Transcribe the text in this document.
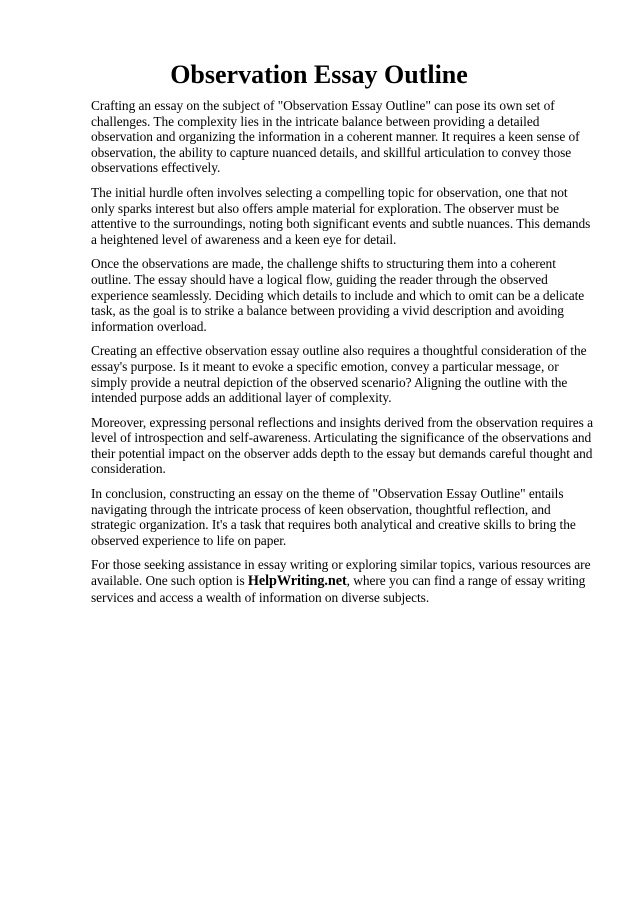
Observation Essay Outline

Crafting an essay on the subject of "Observation Essay Outline" can pose its own set of challenges. The complexity lies in the intricate balance between providing a detailed observation and organizing the information in a coherent manner. It requires a keen sense of observation, the ability to capture nuanced details, and skillful articulation to convey those observations effectively.

The initial hurdle often involves selecting a compelling topic for observation, one that not only sparks interest but also offers ample material for exploration. The observer must be attentive to the surroundings, noting both significant events and subtle nuances. This demands a heightened level of awareness and a keen eye for detail.

Once the observations are made, the challenge shifts to structuring them into a coherent outline. The essay should have a logical flow, guiding the reader through the observed experience seamlessly. Deciding which details to include and which to omit can be a delicate task, as the goal is to strike a balance between providing a vivid description and avoiding information overload.

Creating an effective observation essay outline also requires a thoughtful consideration of the essay's purpose. Is it meant to evoke a specific emotion, convey a particular message, or simply provide a neutral depiction of the observed scenario? Aligning the outline with the intended purpose adds an additional layer of complexity.

Moreover, expressing personal reflections and insights derived from the observation requires a level of introspection and self-awareness. Articulating the significance of the observations and their potential impact on the observer adds depth to the essay but demands careful thought and consideration.

In conclusion, constructing an essay on the theme of "Observation Essay Outline" entails navigating through the intricate process of keen observation, thoughtful reflection, and strategic organization. It's a task that requires both analytical and creative skills to bring the observed experience to life on paper.

For those seeking assistance in essay writing or exploring similar topics, various resources are available. One such option is HelpWriting.net, where you can find a range of essay writing services and access a wealth of information on diverse subjects.
